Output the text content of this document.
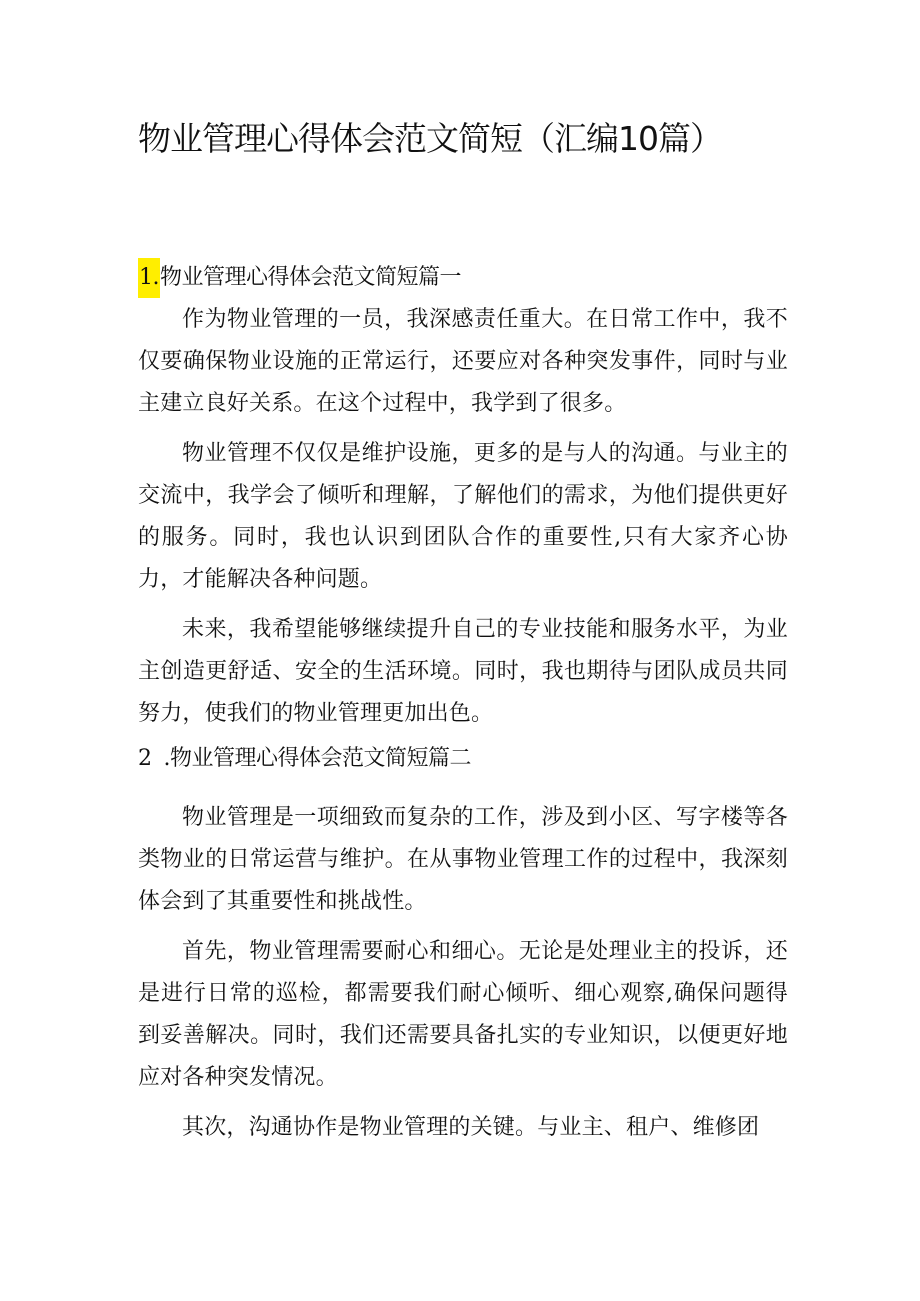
物业管理心得体会范文简短（汇编10篇）
1.物业管理心得体会范文简短篇一

作为物业管理的一员，我深感责任重大。在日常工作中，我不仅要确保物业设施的正常运行，还要应对各种突发事件，同时与业主建立良好关系。在这个过程中，我学到了很多。

物业管理不仅仅是维护设施，更多的是与人的沟通。与业主的交流中，我学会了倾听和理解，了解他们的需求，为他们提供更好的服务。同时，我也认识到团队合作的重要性,只有大家齐心协力，才能解决各种问题。

未来，我希望能够继续提升自己的专业技能和服务水平，为业主创造更舒适、安全的生活环境。同时，我也期待与团队成员共同努力，使我们的物业管理更加出色。

2 .物业管理心得体会范文简短篇二

物业管理是一项细致而复杂的工作，涉及到小区、写字楼等各类物业的日常运营与维护。在从事物业管理工作的过程中，我深刻体会到了其重要性和挑战性。

首先，物业管理需要耐心和细心。无论是处理业主的投诉，还是进行日常的巡检，都需要我们耐心倾听、细心观察,确保问题得到妥善解决。同时，我们还需要具备扎实的专业知识，以便更好地应对各种突发情况。

其次，沟通协作是物业管理的关键。与业主、租户、维修团
